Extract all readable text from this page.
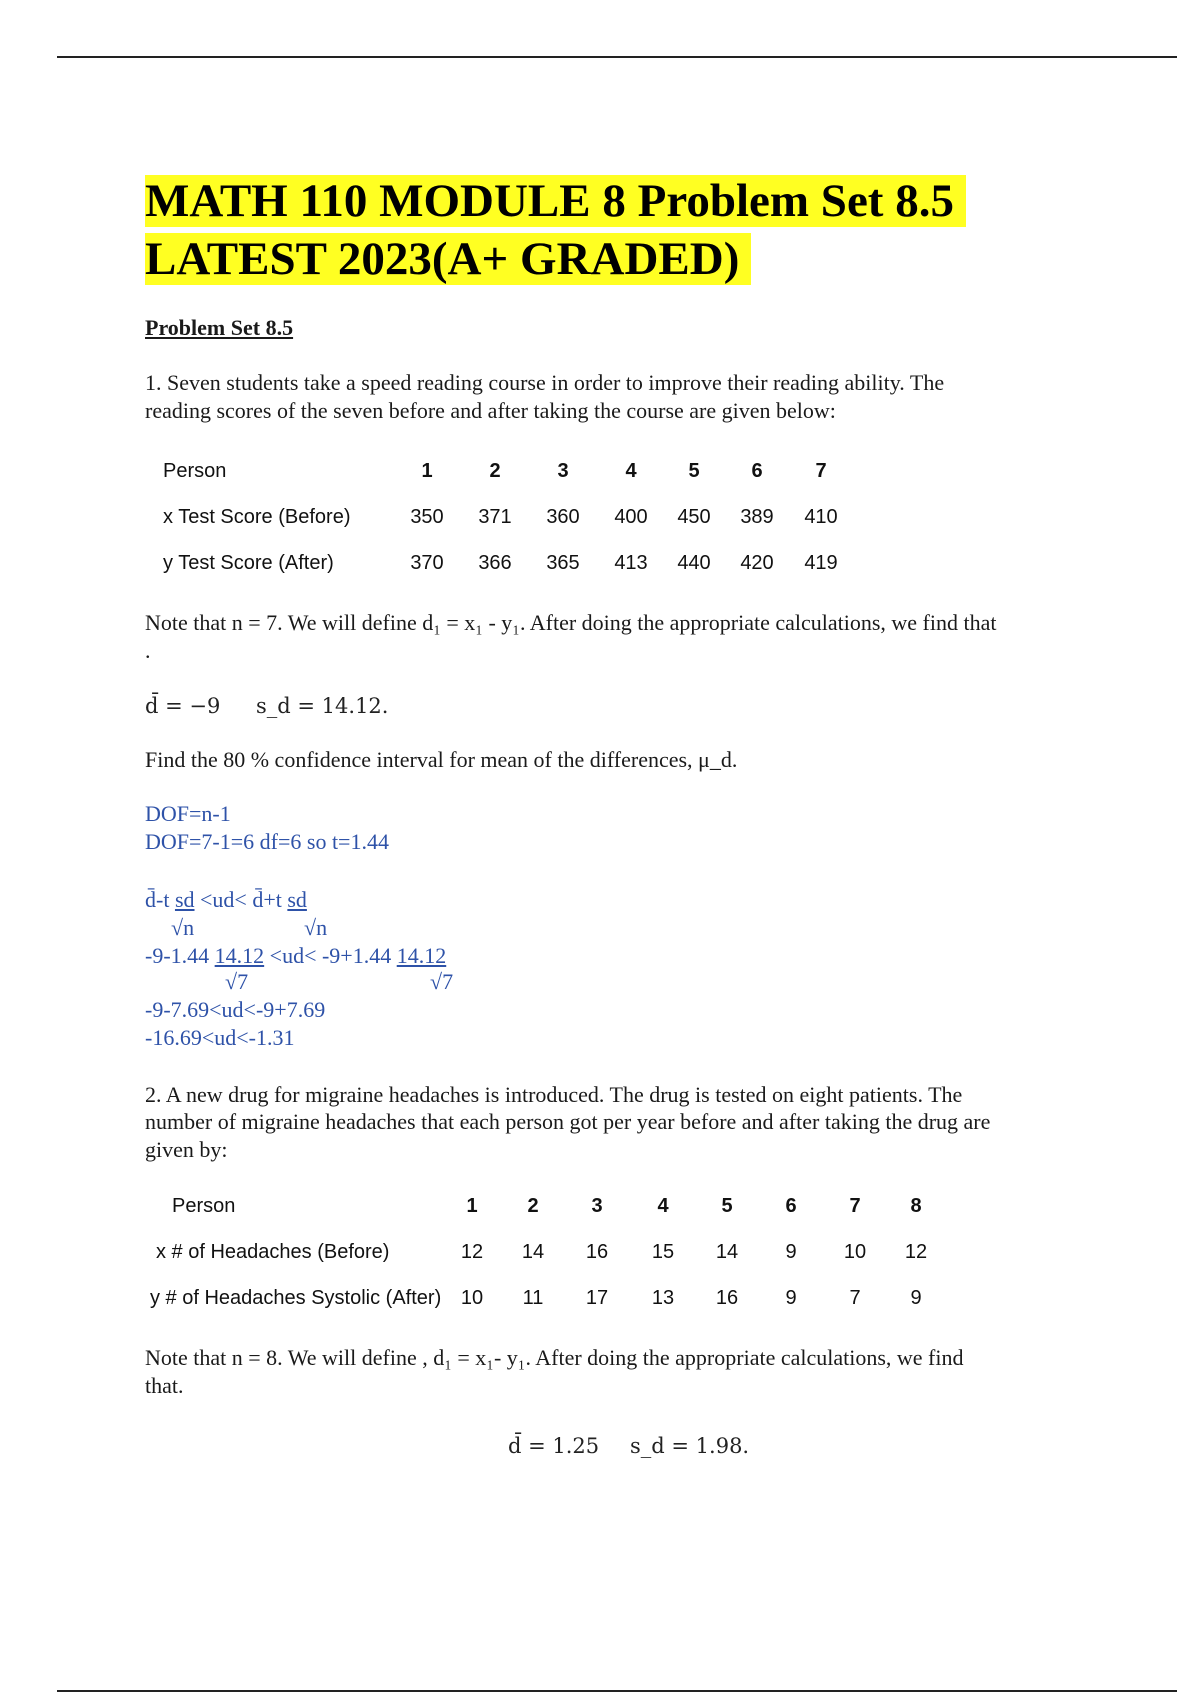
MATH 110 MODULE 8 Problem Set 8.5
LATEST 2023(A+ GRADED)

Problem Set 8.5

1. Seven students take a speed reading course in order to improve their reading ability. The

reading scores of the seven before and after taking the course are given below:

Person	1	2	3	4	5	6	7
x Test Score (Before)	350	371	360	400	450	389	410
y Test Score (After)	370	366	365	413	440	420	419

Note that n = 7. We will define d₁ = x₁ - y₁. After doing the appropriate calculations, we find that

.

d̄ = −9 s_d = 14.12.

Find the 80 % confidence interval for mean of the differences, μ_d.

DOF=n-1

DOF=7-1=6 df=6 so t=1.44

d̄-t sd <ud< d̄+t sd
√n	√n
-9-1.44 14.12 <ud< -9+1.44 14.12
√7	√7

-9-7.69<ud<-9+7.69

-16.69<ud<-1.31

2. A new drug for migraine headaches is introduced. The drug is tested on eight patients. The

number of migraine headaches that each person got per year before and after taking the drug are

given by:

Person	1	2	3	4	5	6	7	8
x # of Headaches (Before)	12	14	16	15	14	9	10	12
y # of Headaches Systolic (After)	10	11	17	13	16	9	7	9

Note that n = 8. We will define , d₁ = x₁- y₁. After doing the appropriate calculations, we find

that.

d̄ = 1.25 s_d = 1.98.
